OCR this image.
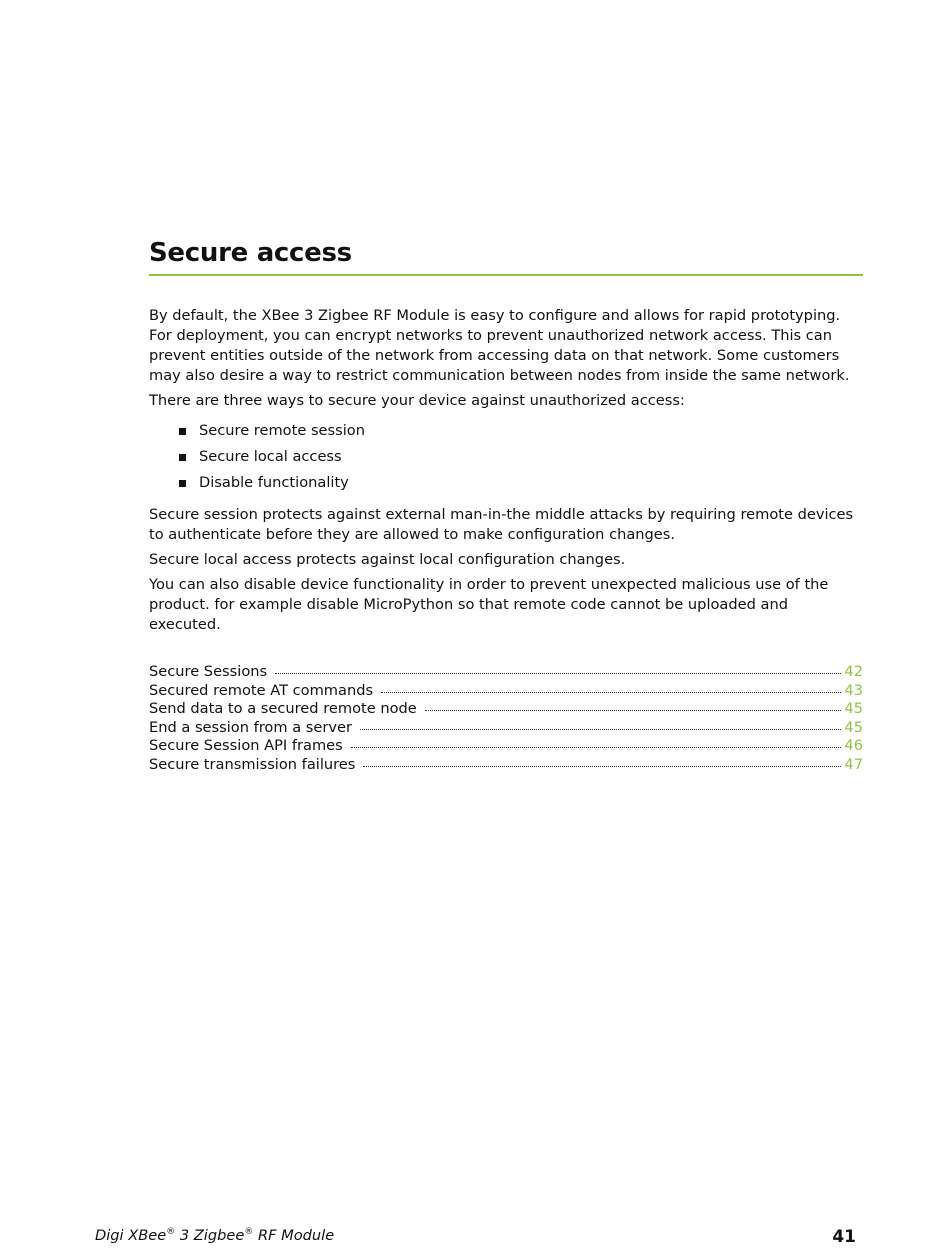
Secure access

By default, the XBee 3 Zigbee RF Module is easy to configure and allows for rapid prototyping. For deployment, you can encrypt networks to prevent unauthorized network access. This can prevent entities outside of the network from accessing data on that network. Some customers may also desire a way to restrict communication between nodes from inside the same network.

There are three ways to secure your device against unauthorized access:

Secure remote session
Secure local access
Disable functionality

Secure session protects against external man-in-the middle attacks by requiring remote devices to authenticate before they are allowed to make configuration changes.

Secure local access protects against local configuration changes.

You can also disable device functionality in order to prevent unexpected malicious use of the product. for example disable MicroPython so that remote code cannot be uploaded and executed.

Secure Sessions	42
Secured remote AT commands	43
Send data to a secured remote node	45
End a session from a server	45
Secure Session API frames	46
Secure transmission failures	47
Digi XBee® 3 Zigbee® RF Module	41
